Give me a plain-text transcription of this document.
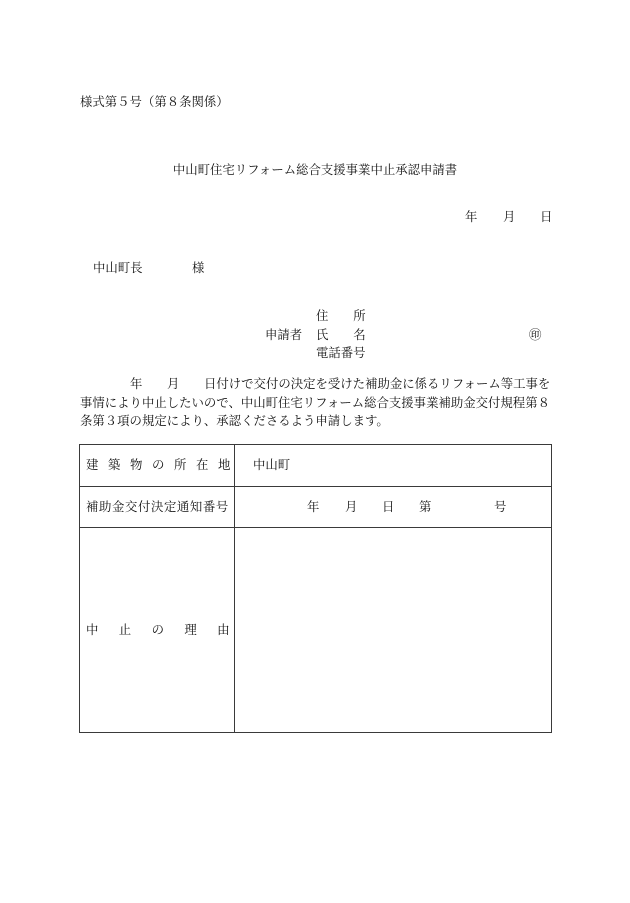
様式第５号（第８条関係）
中山町住宅リフォーム総合支援事業中止承認申請書
年 月 日
中山町長	様
住所
申請者 氏名	㊞
電話番号
年 月 日付けで交付の決定を受けた補助金に係るリフォーム等工事を
事情により中止したいので、中山町住宅リフォーム総合支援事業補助金交付規程第８
条第３項の規定により、承認くださるよう申請します。
建築物の所在地	中山町
補助金交付決定通知番号	年 月 日 第	号
中止の理由
